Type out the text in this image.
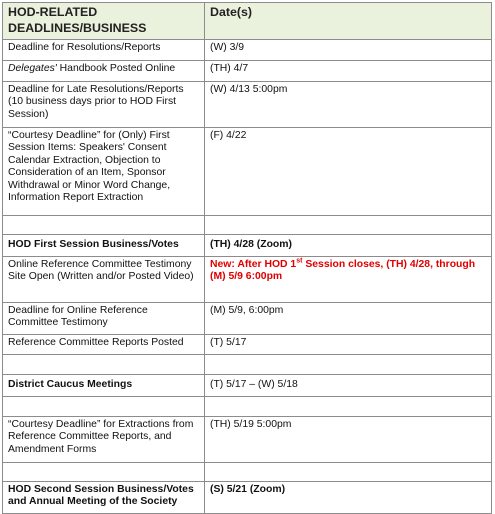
HOD-RELATED DEADLINES/BUSINESS	Date(s)
Deadline for Resolutions/Reports	(W) 3/9
Delegates' Handbook Posted Online	(TH) 4/7
Deadline for Late Resolutions/Reports (10 business days prior to HOD First Session)	(W) 4/13 5:00pm
“Courtesy Deadline” for (Only) First Session Items: Speakers' Consent Calendar Extraction, Objection to Consideration of an Item, Sponsor Withdrawal or Minor Word Change, Information Report Extraction	(F) 4/22

HOD First Session Business/Votes	(TH) 4/28 (Zoom)
Online Reference Committee Testimony Site Open (Written and/or Posted Video)	New: After HOD 1st Session closes, (TH) 4/28, through (M) 5/9 6:00pm
Deadline for Online Reference Committee Testimony	(M) 5/9, 6:00pm
Reference Committee Reports Posted	(T) 5/17

District Caucus Meetings	(T) 5/17 – (W) 5/18

“Courtesy Deadline” for Extractions from Reference Committee Reports, and Amendment Forms	(TH) 5/19 5:00pm

HOD Second Session Business/Votes and Annual Meeting of the Society	(S) 5/21 (Zoom)
